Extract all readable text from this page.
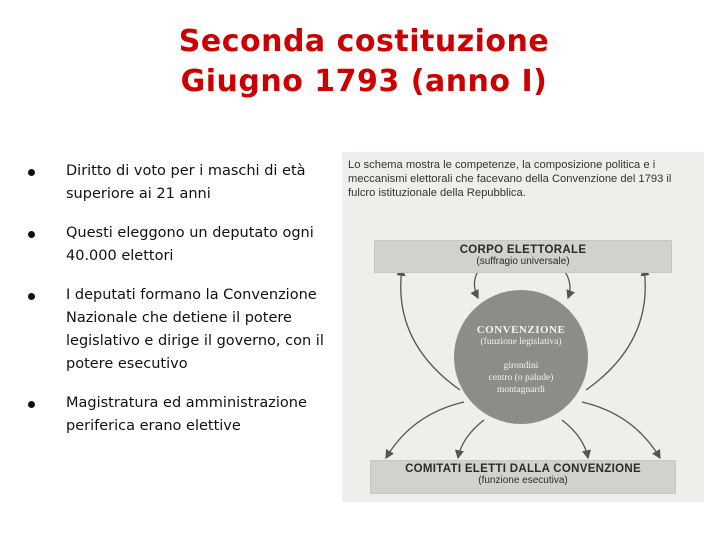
Seconda costituzione
Giugno 1793 (anno I)
Diritto di voto per i maschi di età superiore ai 21 anni
Questi eleggono un deputato ogni 40.000 elettori
I deputati formano la Convenzione Nazionale che detiene il potere legislativo e dirige il governo, con il potere esecutivo
Magistratura ed amministrazione periferica erano elettive
Lo schema mostra le competenze, la composizione politica e i meccanismi elettorali che facevano della Convenzione del 1793 il fulcro istituzionale della Repubblica.
CORPO ELETTORALE
(suffragio universale)
CONVENZIONE
(funzione legislativa)
girondini
centro (o palude)
montagnardi
COMITATI ELETTI DALLA CONVENZIONE
(funzione esecutiva)
